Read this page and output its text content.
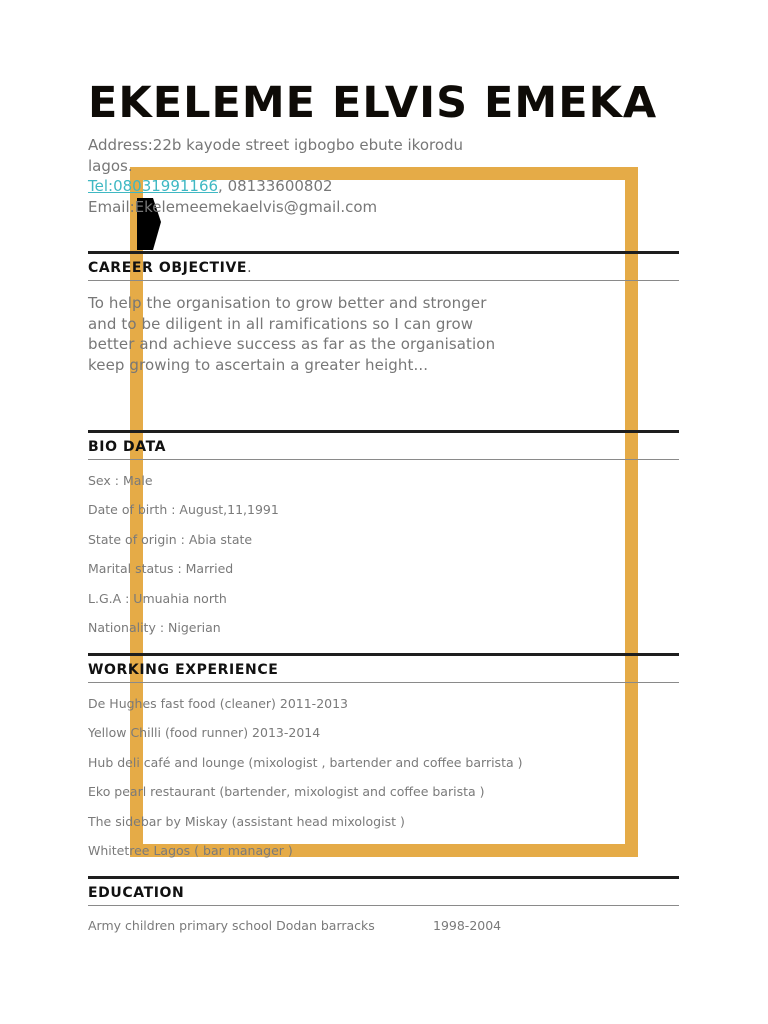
EKELEME ELVIS EMEKA
Address:22b kayode street igbogbo ebute ikorodu
lagos.
Tel:08031991166, 08133600802
Email:Ekelemeemekaelvis@gmail.com
CAREER OBJECTIVE.
To help the organisation to grow better and stronger and to be diligent in all ramifications so I can grow better and achieve success as far as the organisation keep growing to ascertain a greater height...
BIO DATA
Sex : Male
Date of birth : August,11,1991
State of origin : Abia state
Marital status : Married
L.G.A : Umuahia north
Nationality : Nigerian
WORKING EXPERIENCE
De Hughes fast food (cleaner) 2011-2013
Yellow Chilli (food runner) 2013-2014
Hub deli café and lounge (mixologist , bartender and coffee barrista )
Eko pearl restaurant (bartender, mixologist and coffee barista )
The sidebar by Miskay (assistant head mixologist )
Whitetree Lagos ( bar manager )
EDUCATION
Army children primary school Dodan barracks	1998-2004
